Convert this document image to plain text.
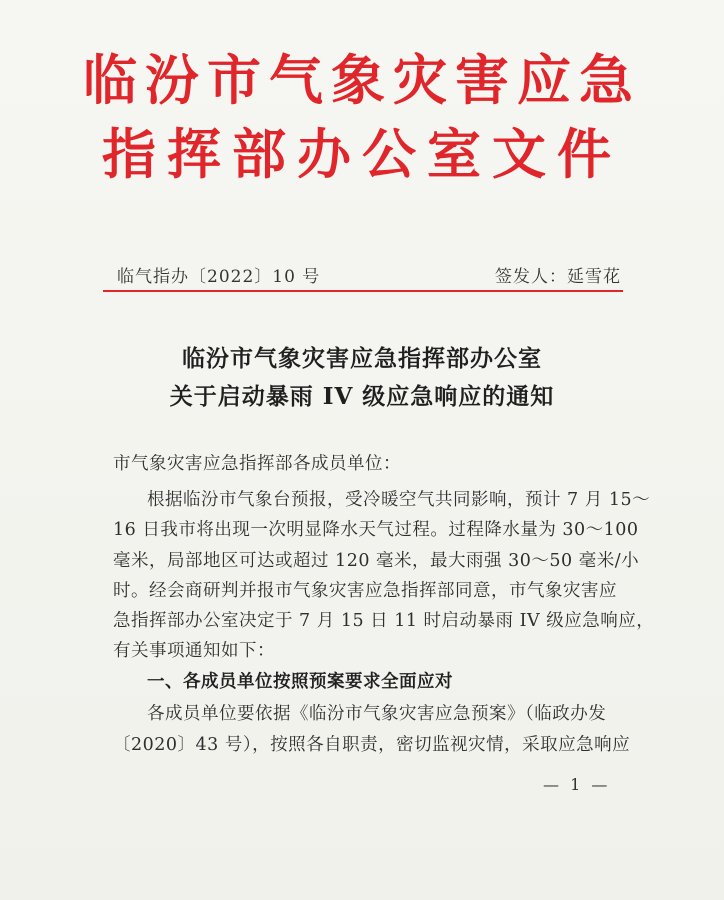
临汾市气象灾害应急
指挥部办公室文件
临气指办〔2022〕10 号	签发人：延雪花
临汾市气象灾害应急指挥部办公室
关于启动暴雨 IV 级应急响应的通知
市气象灾害应急指挥部各成员单位：
根据临汾市气象台预报，受冷暖空气共同影响，预计 7 月 15～
16 日我市将出现一次明显降水天气过程。过程降水量为 30～100
毫米，局部地区可达或超过 120 毫米，最大雨强 30～50 毫米/小
时。经会商研判并报市气象灾害应急指挥部同意，市气象灾害应
急指挥部办公室决定于 7 月 15 日 11 时启动暴雨 IV 级应急响应，
有关事项通知如下：
一、各成员单位按照预案要求全面应对
各成员单位要依据《临汾市气象灾害应急预案》（临政办发
〔2020〕43 号），按照各自职责，密切监视灾情，采取应急响应
— 1 —
